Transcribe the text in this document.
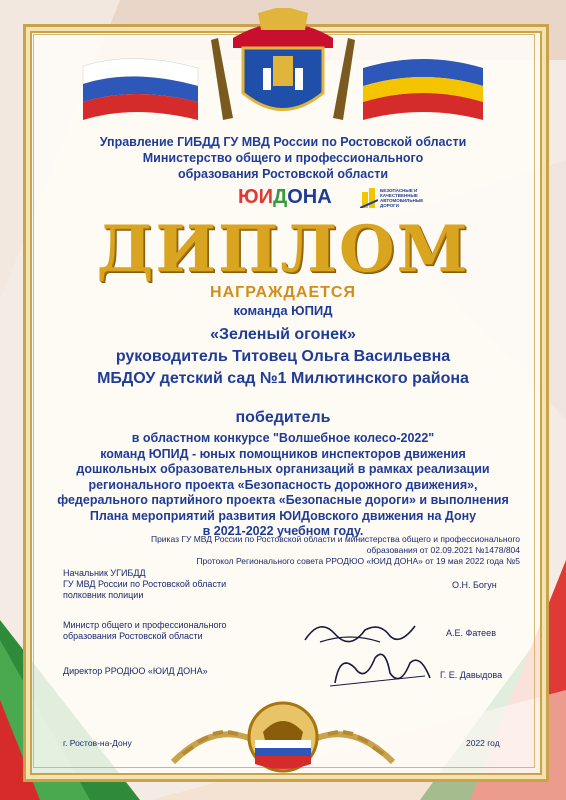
Управление ГИБДД ГУ МВД России по Ростовской области
Министерство общего и профессионального
образования Ростовской области
ЮИДОНА	БЕЗОПАСНЫЕ И КАЧЕСТВЕННЫЕ АВТОМОБИЛЬНЫЕ ДОРОГИ
ДИПЛОМ
НАГРАЖДАЕТСЯ
команда ЮПИД
«Зеленый огонек»
руководитель Титовец Ольга Васильевна
МБДОУ детский сад №1 Милютинского района
победитель
в областном конкурсе "Волшебное колесо-2022"
команд ЮПИД - юных помощников инспекторов движения
дошкольных образовательных организаций в рамках реализации
регионального проекта «Безопасность дорожного движения»,
федерального партийного проекта «Безопасные дороги» и выполнения
Плана мероприятий развития ЮИДовского движения на Дону
в 2021-2022 учебном году.
Приказ ГУ МВД России по Ростовской области и министерства общего и профессионального
образования от 02.09.2021 №1478/804
Протокол Регионального совета РРОДЮО «ЮИД ДОНА» от 19 мая 2022 года №5
Начальник УГИБДД
ГУ МВД России по Ростовской области
полковник полиции
О.Н. Богун
Министр общего и профессионального
образования Ростовской области	А.Е. Фатеев
Директор РРОДЮО «ЮИД ДОНА»	Г. Е. Давыдова
г. Ростов-на-Дону	2022 год
